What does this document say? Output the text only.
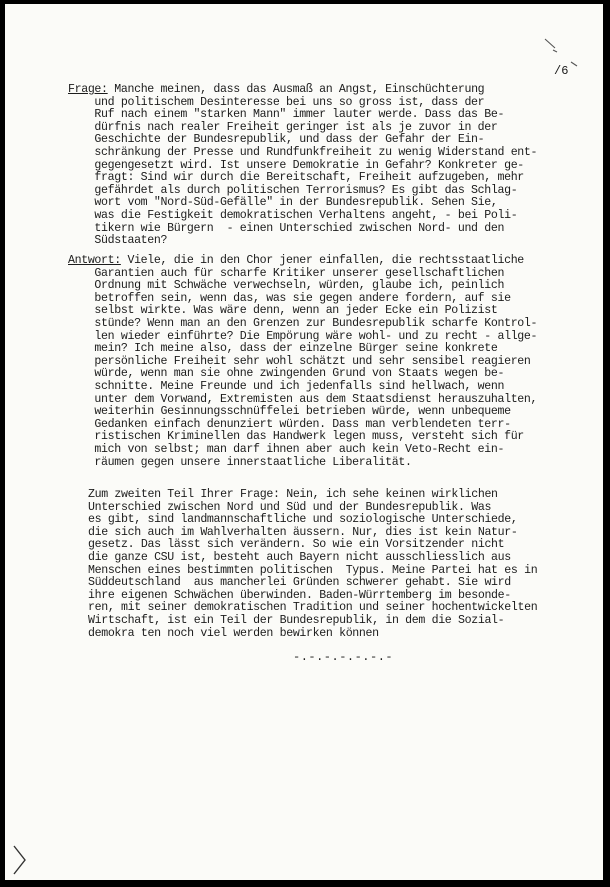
/6
Frage: Manche meinen, dass das Ausmaß an Angst, Einschüchterung
und politischem Desinteresse bei uns so gross ist, dass der
Ruf nach einem "starken Mann" immer lauter werde. Dass das Be-
dürfnis nach realer Freiheit geringer ist als je zuvor in der
Geschichte der Bundesrepublik, und dass der Gefahr der Ein-
schränkung der Presse und Rundfunkfreiheit zu wenig Widerstand ent-
gegengesetzt wird. Ist unsere Demokratie in Gefahr? Konkreter ge-
fragt: Sind wir durch die Bereitschaft, Freiheit aufzugeben, mehr
gefährdet als durch politischen Terrorismus? Es gibt das Schlag-
wort vom "Nord-Süd-Gefälle" in der Bundesrepublik. Sehen Sie,
was die Festigkeit demokratischen Verhaltens angeht, - bei Poli-
tikern wie Bürgern  - einen Unterschied zwischen Nord- und den
Südstaaten?
Antwort: Viele, die in den Chor jener einfallen, die rechtsstaatliche
Garantien auch für scharfe Kritiker unserer gesellschaftlichen
Ordnung mit Schwäche verwechseln, würden, glaube ich, peinlich
betroffen sein, wenn das, was sie gegen andere fordern, auf sie
selbst wirkte. Was wäre denn, wenn an jeder Ecke ein Polizist
stünde? Wenn man an den Grenzen zur Bundesrepublik scharfe Kontrol-
len wieder einführte? Die Empörung wäre wohl- und zu recht - allge-
mein? Ich meine also, dass der einzelne Bürger seine konkrete
persönliche Freiheit sehr wohl schätzt und sehr sensibel reagieren
würde, wenn man sie ohne zwingenden Grund von Staats wegen be-
schnitte. Meine Freunde und ich jedenfalls sind hellwach, wenn
unter dem Vorwand, Extremisten aus dem Staatsdienst herauszuhalten,
weiterhin Gesinnungsschnüffelei betrieben würde, wenn unbequeme
Gedanken einfach denunziert würden. Dass man verblendeten terr-
ristischen Kriminellen das Handwerk legen muss, versteht sich für
mich von selbst; man darf ihnen aber auch kein Veto-Recht ein-
räumen gegen unsere innerstaatliche Liberalität.
Zum zweiten Teil Ihrer Frage: Nein, ich sehe keinen wirklichen
Unterschied zwischen Nord und Süd und der Bundesrepublik. Was
es gibt, sind landmannschaftliche und soziologische Unterschiede,
die sich auch im Wahlverhalten äussern. Nur, dies ist kein Natur-
gesetz. Das lässt sich verändern. So wie ein Vorsitzender nicht
die ganze CSU ist, besteht auch Bayern nicht ausschliesslich aus
Menschen eines bestimmten politischen  Typus. Meine Partei hat es in
Süddeutschland  aus mancherlei Gründen schwerer gehabt. Sie wird
ihre eigenen Schwächen überwinden. Baden-Würrtemberg im besonde-
ren, mit seiner demokratischen Tradition und seiner hochentwickelten
Wirtschaft, ist ein Teil der Bundesrepublik, in dem die Sozial-
demokra ten noch viel werden bewirken können
-.-.-.-.-.-.-
